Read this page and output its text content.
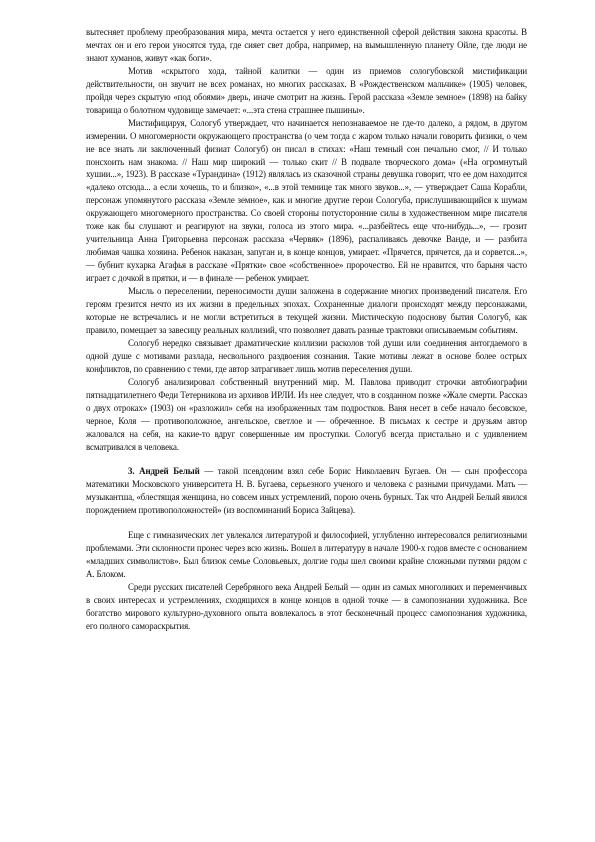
вытесняет проблему преобразования мира, мечта остается у него единственной сферой действия закона красоты. В мечтах он и его герои уносятся туда, где сияет свет добра, например, на вымышленную планету Ойле, где люди не знают хуманов, живут «как боги».

Мотив «скрытого хода, тайной калитки — один из приемов сологубовской мистификации действительности, он звучит не всех романах, но многих рассказах. В «Рождественском мальчике» (1905) человек, пройдя через скрытую «под обоями» дверь, иначе смотрит на жизнь. Герой рассказа «Земле земное» (1898) на байку товарища о болотном чудовище замечает: «...эта стена страшнее пышины».

Мистифицируя, Сологуб утверждает, что начинается непознаваемое не где-то далеко, а рядом, в другом измерении. О многомерности окружающего пространства (о чем тогда с жаром только начали говорить физики, о чем не все знать ли заключенный физиат Сологуб) он писал в стихах: «Наш темный сон печально смог, // И только понсхоить нам знакома. // Наш мир широкий — только скит // В подвале творческого дома» («На огромнутый хушии...», 1923). В рассказе «Турандина» (1912) являлась из сказочной страны девушка говорит, что ее дом находится «далеко отсюда... а если хочешь, то и близко», «...в этой темнице так много звуков...», — утверждает Саша Корабли, персонаж упомянутого рассказа «Земле земное», как и многие другие герои Сологуба, прислушивающийся к шумам окружающего многомерного пространства. Со своей стороны потусторонние силы в художественном мире писателя тоже как бы слушают и реагируют на звуки, голоса из этого мира. «...разбейтесь еще что-нибудь...», — грозит учительница Анна Григорьевна персонаж рассказа «Червяк» (1896), распаливаясь девочке Ванде, и — разбита любимая чашка хозяина. Ребенок наказан, запуган и, в конце концов, умирает. «Прячется, прячется, да и сорвется...», — бубнит кухарка Агафья в рассказе «Прятки» свое «собственное» пророчество. Ей не нравится, что барыня часто играет с дочкой в прятки, и — в финале — ребенок умирает.

Мысль о переселении, переносимости души заложена в содержание многих произведений писателя. Его героям грезится нечто из их жизни в предельных эпохах. Сохраненные диалоги происходят между персонажами, которые не встречались и не могли встретиться в текущей жизни. Мистическую подоснову бытия Сологуб, как правило, помещает за завесицу реальных коллизий, что позволяет давать разные трактовки описываемым событиям.

Сологуб нередко связывает драматические коллизии расколов той души или соединения антогдаемого в одной душе с мотивами разлада, несвольного раздвоения сознания. Такие мотивы лежат в основе более острых конфликтов, по сравнению с теми, где автор затрагивает лишь мотив переселения души.

Сологуб анализировал собственный внутренний мир. М. Павлова приводит строчки автобиографии пятнадцатилетнего Феди Тетерникова из архивов ИРЛИ. Из нее следует, что в созданном позже «Жале смерти. Рассказ о двух отроках» (1903) он «разложил» себя на изображенных там подростков. Ваня несет в себе начало бесовское, черное, Коля — противоположное, ангельское, светлое и — обреченное. В письмах к сестре и друзьям автор жаловался на себя, на какие-то вдруг совершенные им проступки. Сологуб всегда пристально и с удивлением всматривался в человека.

3. Андрей Белый — такой псевдоним взял себе Борис Николаевич Бугаев. Он — сын профессора математики Московского университета Н. В. Бугаева, серьезного ученого и человека с разными причудами. Мать — музыкантша, «блестящая женщина, но совсем иных устремлений, порою очень бурных. Так что Андрей Белый явился порождением противоположностей» (из воспоминаний Бориса Зайцева).

Еще с гимназических лет увлекался литературой и философией, углубленно интересовался религиозными проблемами. Эти склонности пронес через всю жизнь. Вошел в литературу в начале 1900-х годов вместе с основанием «младших символистов». Был близок семье Соловьевых, долгие годы шел своими крайне сложными путями рядом с А. Блоком.

Среди русских писателей Серебряного века Андрей Белый — один из самых многоликих и переменчивых в своих интересах и устремлениях, сходящихся в конце концов в одной точке — в самопознании художника. Все богатство мирового культурно-духовного опыта вовлекалось в этот бесконечный процесс самопознания художника, его полного самораскрытия.
